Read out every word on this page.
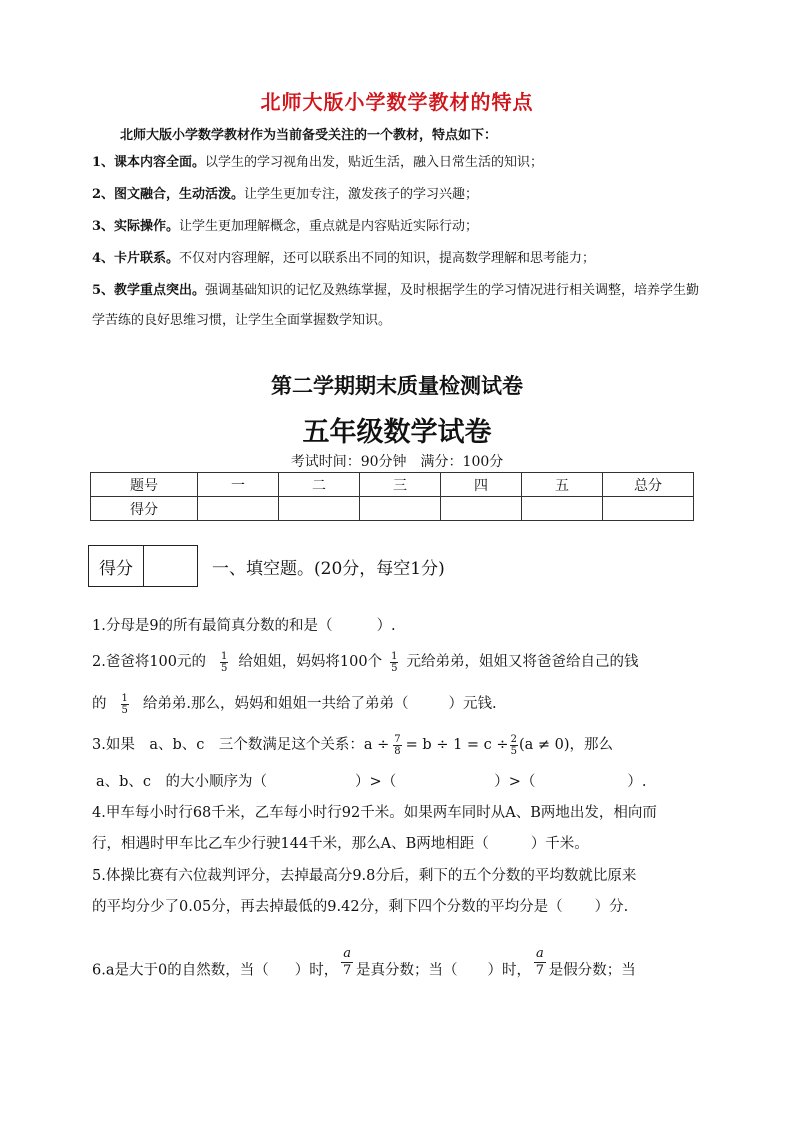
北师大版小学数学教材的特点
北师大版小学数学教材作为当前备受关注的一个教材，特点如下：
1、课本内容全面。以学生的学习视角出发，贴近生活，融入日常生活的知识；
2、图文融合，生动活泼。让学生更加专注，激发孩子的学习兴趣；
3、实际操作。让学生更加理解概念，重点就是内容贴近实际行动；
4、卡片联系。不仅对内容理解，还可以联系出不同的知识，提高数学理解和思考能力；
5、教学重点突出。强调基础知识的记忆及熟练掌握，及时根据学生的学习情况进行相关调整，培养学生勤学苦练的良好思维习惯，让学生全面掌握数学知识。
第二学期期末质量检测试卷
五年级数学试卷
考试时间：90分钟　满分：100分
题号	一	二	三	四	五	总分
得分						
得分	一、填空题。(20分，每空1分)
1.分母是9的所有最简真分数的和是（	）.
2.爸爸将100元的 $\frac{1}{5}$ 给姐姐，妈妈将100个 $\frac{1}{5}$ 元给弟弟，姐姐又将爸爸给自己的钱
的 $\frac{1}{5}$ 给弟弟.那么，妈妈和姐姐一共给了弟弟（	）元钱.
3.如果　a、b、c　三个数满足这个关系：$a \div \frac{7}{8} = b \div 1 = c \div \frac{2}{5} (a \ne 0)$，那么
a、b、c　的大小顺序为（	）>（	）>（	）.
4.甲车每小时行68千米，乙车每小时行92千米。如果两车同时从A、B两地出发，相向而
行，相遇时甲车比乙车少行驶144千米，那么A、B两地相距（	）千米。
5.体操比赛有六位裁判评分，去掉最高分9.8分后，剩下的五个分数的平均数就比原来
的平均分少了0.05分，再去掉最低的9.42分，剩下四个分数的平均分是（ ）分.
6.a是大于0的自然数，当（ ）时， $\frac{a}{7}$ 是真分数；当（ ）时， $\frac{a}{7}$ 是假分数；当
